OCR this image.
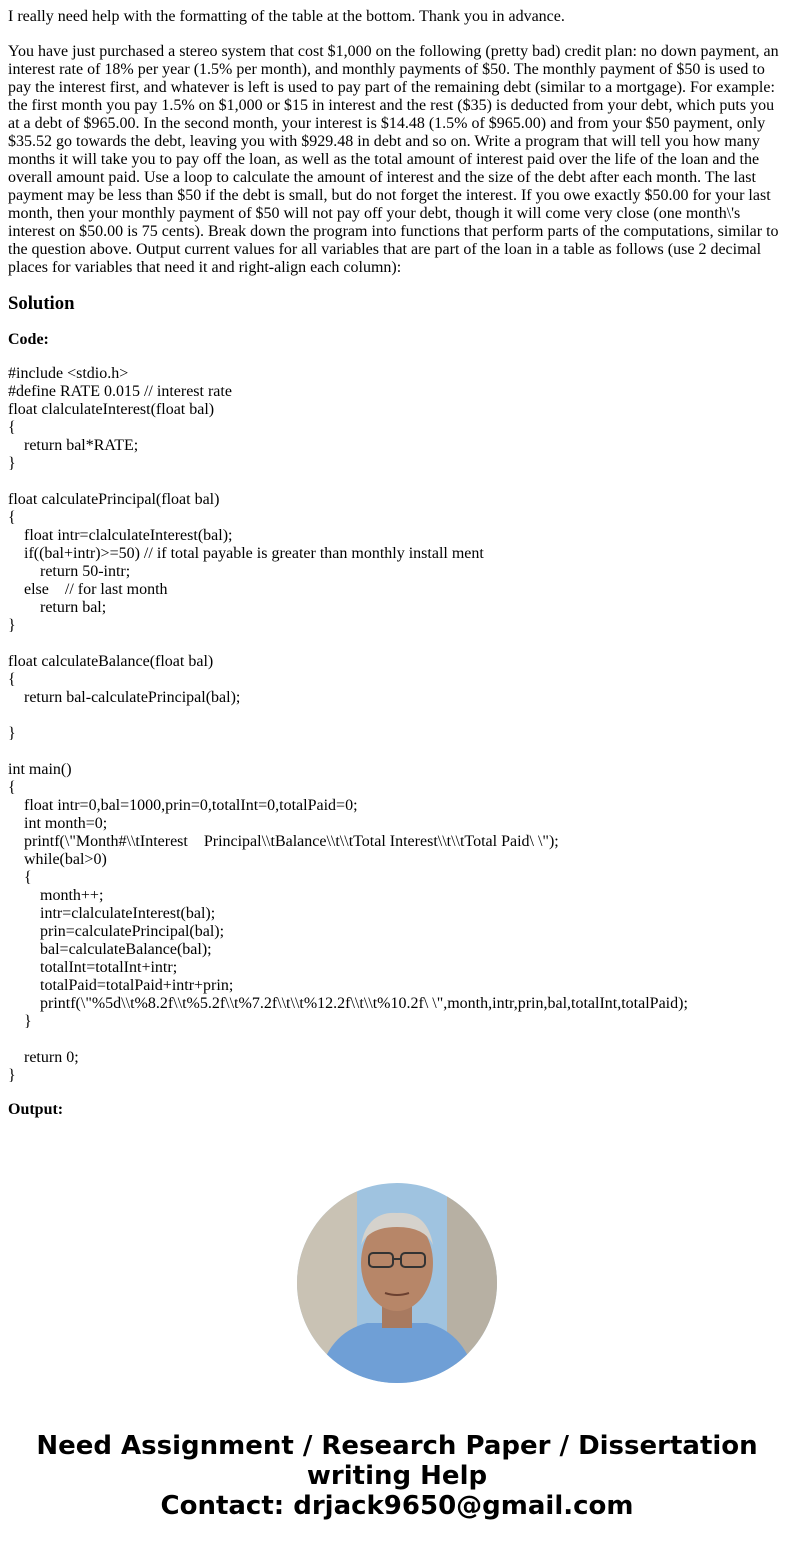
I really need help with the formatting of the table at the bottom. Thank you in advance.

You have just purchased a stereo system that cost $1,000 on the following (pretty bad) credit plan: no down payment, an interest rate of 18% per year (1.5% per month), and monthly payments of $50. The monthly payment of $50 is used to pay the interest first, and whatever is left is used to pay part of the remaining debt (similar to a mortgage). For example: the first month you pay 1.5% on $1,000 or $15 in interest and the rest ($35) is deducted from your debt, which puts you at a debt of $965.00. In the second month, your interest is $14.48 (1.5% of $965.00) and from your $50 payment, only $35.52 go towards the debt, leaving you with $929.48 in debt and so on. Write a program that will tell you how many months it will take you to pay off the loan, as well as the total amount of interest paid over the life of the loan and the overall amount paid. Use a loop to calculate the amount of interest and the size of the debt after each month. The last payment may be less than $50 if the debt is small, but do not forget the interest. If you owe exactly $50.00 for your last month, then your monthly payment of $50 will not pay off your debt, though it will come very close (one month\'s interest on $50.00 is 75 cents). Break down the program into functions that perform parts of the computations, similar to the question above. Output current values for all variables that are part of the loan in a table as follows (use 2 decimal places for variables that need it and right-align each column):

Solution
Code:
#include <stdio.h>
#define RATE 0.015 // interest rate
float clalculateInterest(float bal)
{
return bal*RATE;
}
float calculatePrincipal(float bal)
{
float intr=clalculateInterest(bal);
if((bal+intr)>=50) // if total payable is greater than monthly install ment
return 50-intr;
else    // for last month
return bal;
}
float calculateBalance(float bal)
{
return bal-calculatePrincipal(bal);
}
int main()
{
float intr=0,bal=1000,prin=0,totalInt=0,totalPaid=0;
int month=0;
printf(\"Month#\\tInterest    Principal\\tBalance\\t\\tTotal Interest\\t\\tTotal Paid\ \");
while(bal>0)
{
month++;
intr=clalculateInterest(bal);
prin=calculatePrincipal(bal);
bal=calculateBalance(bal);
totalInt=totalInt+intr;
totalPaid=totalPaid+intr+prin;
printf(\"%5d\\t%8.2f\\t%5.2f\\t%7.2f\\t\\t%12.2f\\t\\t%10.2f\ \",month,intr,prin,bal,totalInt,totalPaid);
}
return 0;
}
Output:
Need Assignment / Research Paper / Dissertation
writing Help
Contact: drjack9650@gmail.com
